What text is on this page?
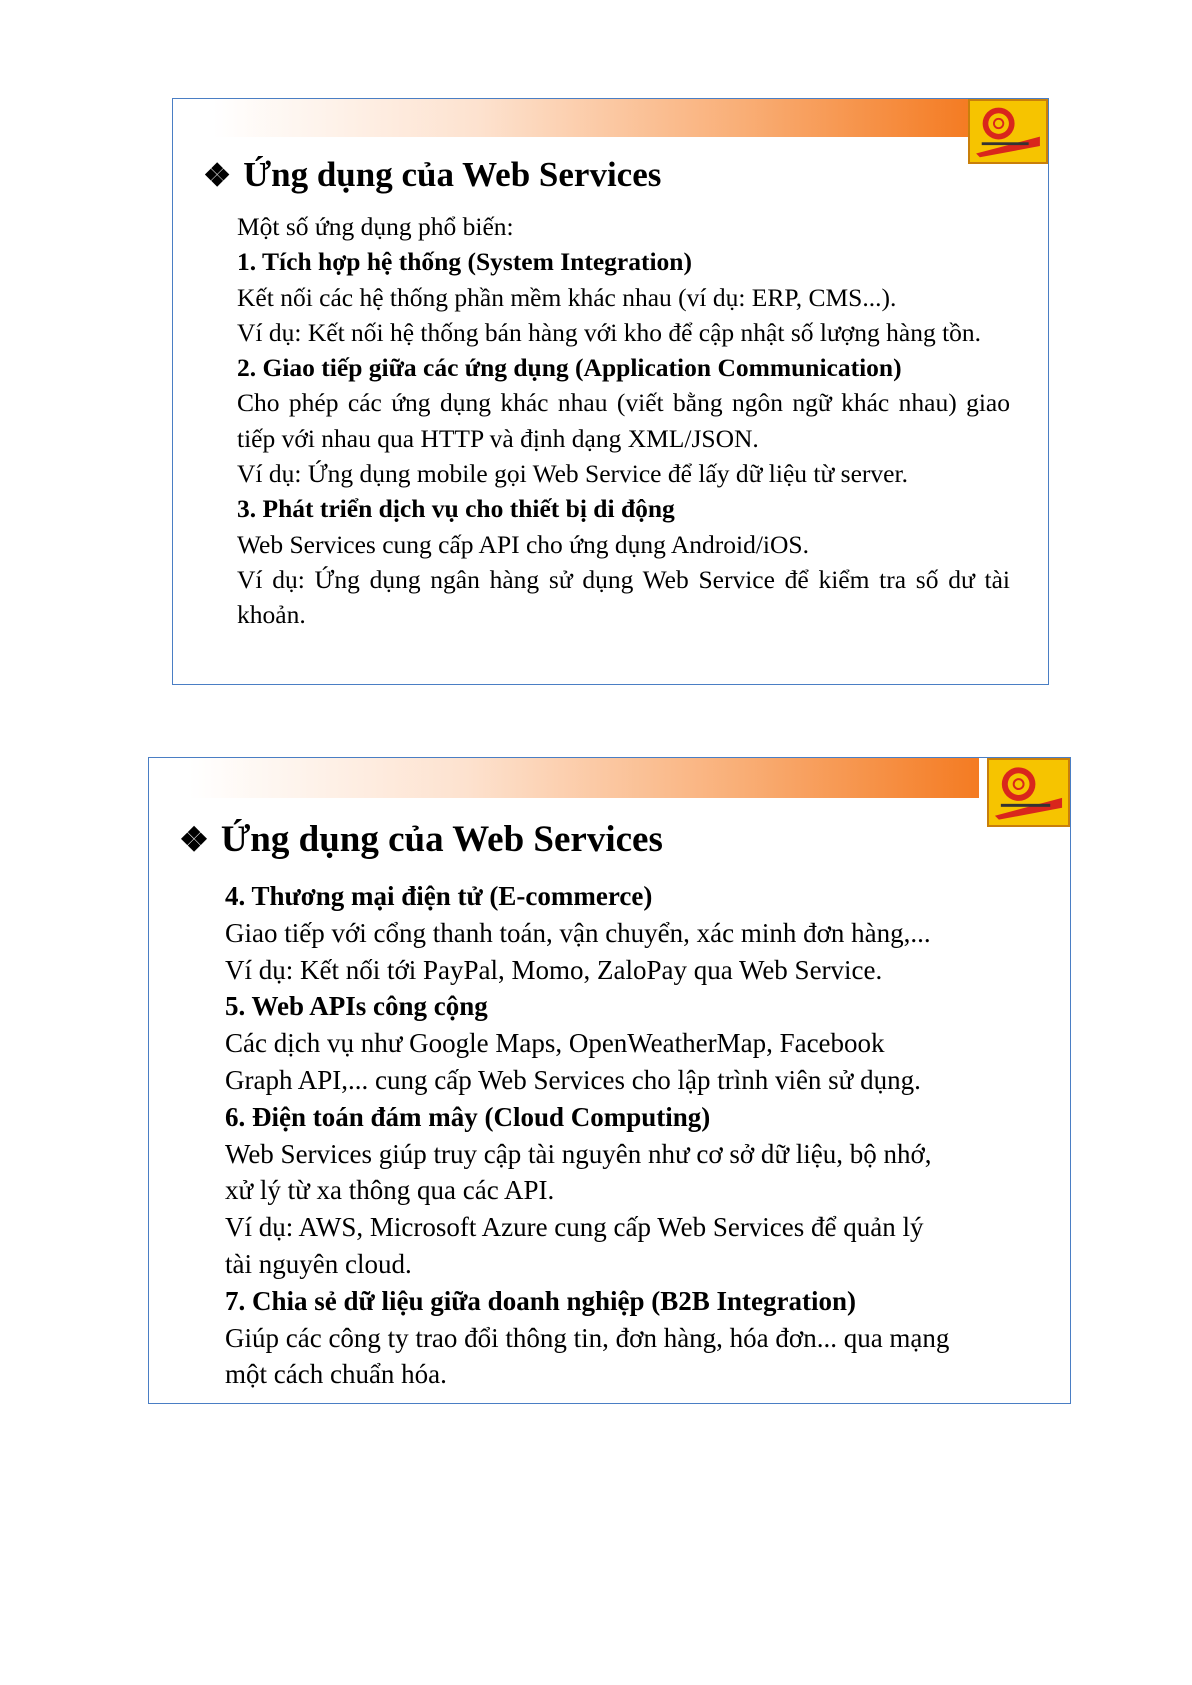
❖ Ứng dụng của Web Services
Một số ứng dụng phổ biến:
1. Tích hợp hệ thống (System Integration)
Kết nối các hệ thống phần mềm khác nhau (ví dụ: ERP, CMS...).
Ví dụ: Kết nối hệ thống bán hàng với kho để cập nhật số lượng hàng tồn.
2. Giao tiếp giữa các ứng dụng (Application Communication)
Cho phép các ứng dụng khác nhau (viết bằng ngôn ngữ khác nhau) giao tiếp với nhau qua HTTP và định dạng XML/JSON.
Ví dụ: Ứng dụng mobile gọi Web Service để lấy dữ liệu từ server.
3. Phát triển dịch vụ cho thiết bị di động
Web Services cung cấp API cho ứng dụng Android/iOS.
Ví dụ: Ứng dụng ngân hàng sử dụng Web Service để kiểm tra số dư tài khoản.
❖ Ứng dụng của Web Services
4. Thương mại điện tử (E-commerce)
Giao tiếp với cổng thanh toán, vận chuyển, xác minh đơn hàng,...
Ví dụ: Kết nối tới PayPal, Momo, ZaloPay qua Web Service.
5. Web APIs công cộng
Các dịch vụ như Google Maps, OpenWeatherMap, Facebook
Graph API,... cung cấp Web Services cho lập trình viên sử dụng.
6. Điện toán đám mây (Cloud Computing)
Web Services giúp truy cập tài nguyên như cơ sở dữ liệu, bộ nhớ,
xử lý từ xa thông qua các API.
Ví dụ: AWS, Microsoft Azure cung cấp Web Services để quản lý
tài nguyên cloud.
7. Chia sẻ dữ liệu giữa doanh nghiệp (B2B Integration)
Giúp các công ty trao đổi thông tin, đơn hàng, hóa đơn... qua mạng
một cách chuẩn hóa.
